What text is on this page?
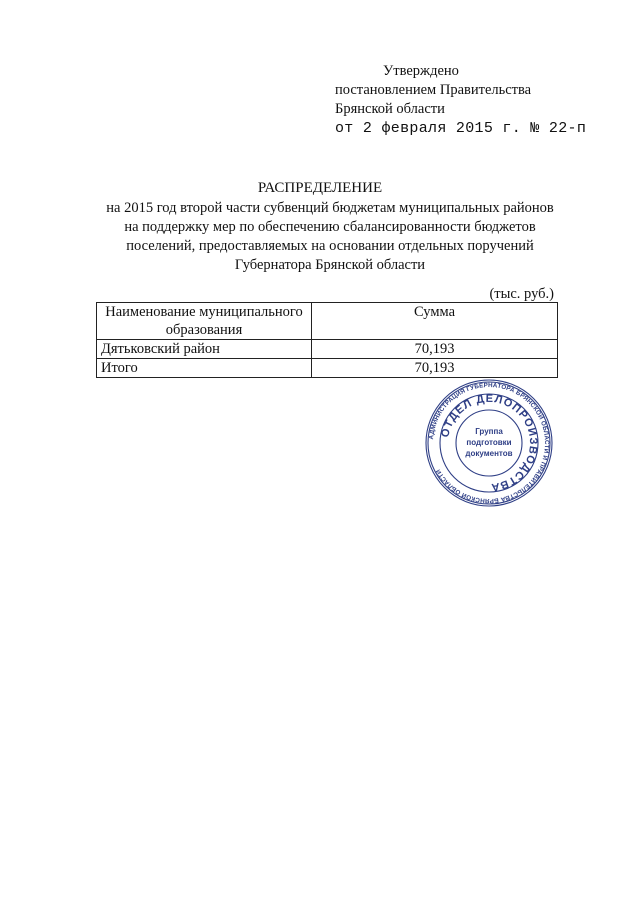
Утверждено
постановлением Правительства
Брянской области
от 2 февраля 2015 г. № 22-п
РАСПРЕДЕЛЕНИЕ
на 2015 год второй части субвенций бюджетам муниципальных районов
на поддержку мер по обеспечению сбалансированности бюджетов
поселений, предоставляемых на основании отдельных поручений
Губернатора Брянской области
(тыс. руб.)
Наименование муниципального образования	Сумма
Дятьковский район	70,193
Итого	70,193
АДМИНИСТРАЦИЯ ГУБЕРНАТОРА БРЯНСКОЙ ОБЛАСТИ И ПРАВИТЕЛЬСТВА БРЯНСКОЙ ОБЛАСТИ
ОТДЕЛ ДЕЛОПРОИЗВОДСТВА
Группа
подготовки
документов
